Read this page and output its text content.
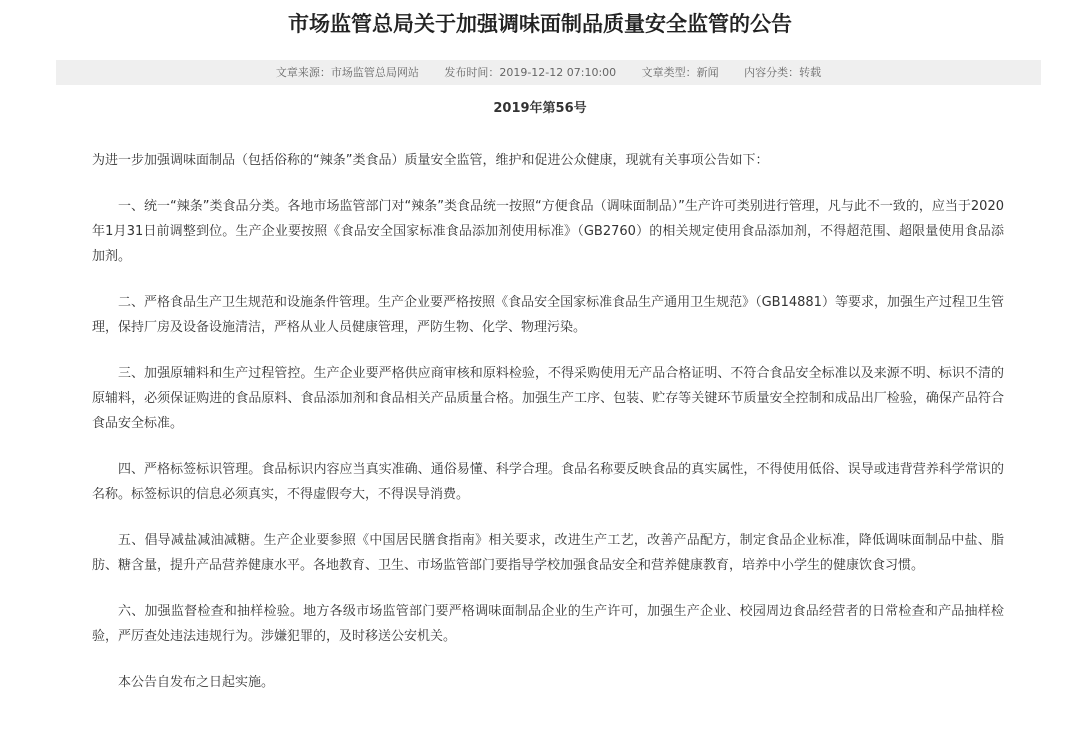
市场监管总局关于加强调味面制品质量安全监管的公告
文章来源：市场监管总局网站 发布时间：2019-12-12 07:10:00 文章类型：新闻 内容分类：转载
2019年第56号

为进一步加强调味面制品（包括俗称的“辣条”类食品）质量安全监管，维护和促进公众健康，现就有关事项公告如下：

一、统一“辣条”类食品分类。各地市场监管部门对“辣条”类食品统一按照“方便食品（调味面制品）”生产许可类别进行管理，凡与此不一致的，应当于2020年1月31日前调整到位。生产企业要按照《食品安全国家标准食品添加剂使用标准》（GB2760）的相关规定使用食品添加剂，不得超范围、超限量使用食品添加剂。

二、严格食品生产卫生规范和设施条件管理。生产企业要严格按照《食品安全国家标准食品生产通用卫生规范》（GB14881）等要求，加强生产过程卫生管理，保持厂房及设备设施清洁，严格从业人员健康管理，严防生物、化学、物理污染。

三、加强原辅料和生产过程管控。生产企业要严格供应商审核和原料检验，不得采购使用无产品合格证明、不符合食品安全标准以及来源不明、标识不清的原辅料，必须保证购进的食品原料、食品添加剂和食品相关产品质量合格。加强生产工序、包装、贮存等关键环节质量安全控制和成品出厂检验，确保产品符合食品安全标准。

四、严格标签标识管理。食品标识内容应当真实准确、通俗易懂、科学合理。食品名称要反映食品的真实属性，不得使用低俗、误导或违背营养科学常识的名称。标签标识的信息必须真实，不得虚假夸大，不得误导消费。

五、倡导减盐减油减糖。生产企业要参照《中国居民膳食指南》相关要求，改进生产工艺，改善产品配方，制定食品企业标准，降低调味面制品中盐、脂肪、糖含量，提升产品营养健康水平。各地教育、卫生、市场监管部门要指导学校加强食品安全和营养健康教育，培养中小学生的健康饮食习惯。

六、加强监督检查和抽样检验。地方各级市场监管部门要严格调味面制品企业的生产许可，加强生产企业、校园周边食品经营者的日常检查和产品抽样检验，严厉查处违法违规行为。涉嫌犯罪的，及时移送公安机关。

本公告自发布之日起实施。
